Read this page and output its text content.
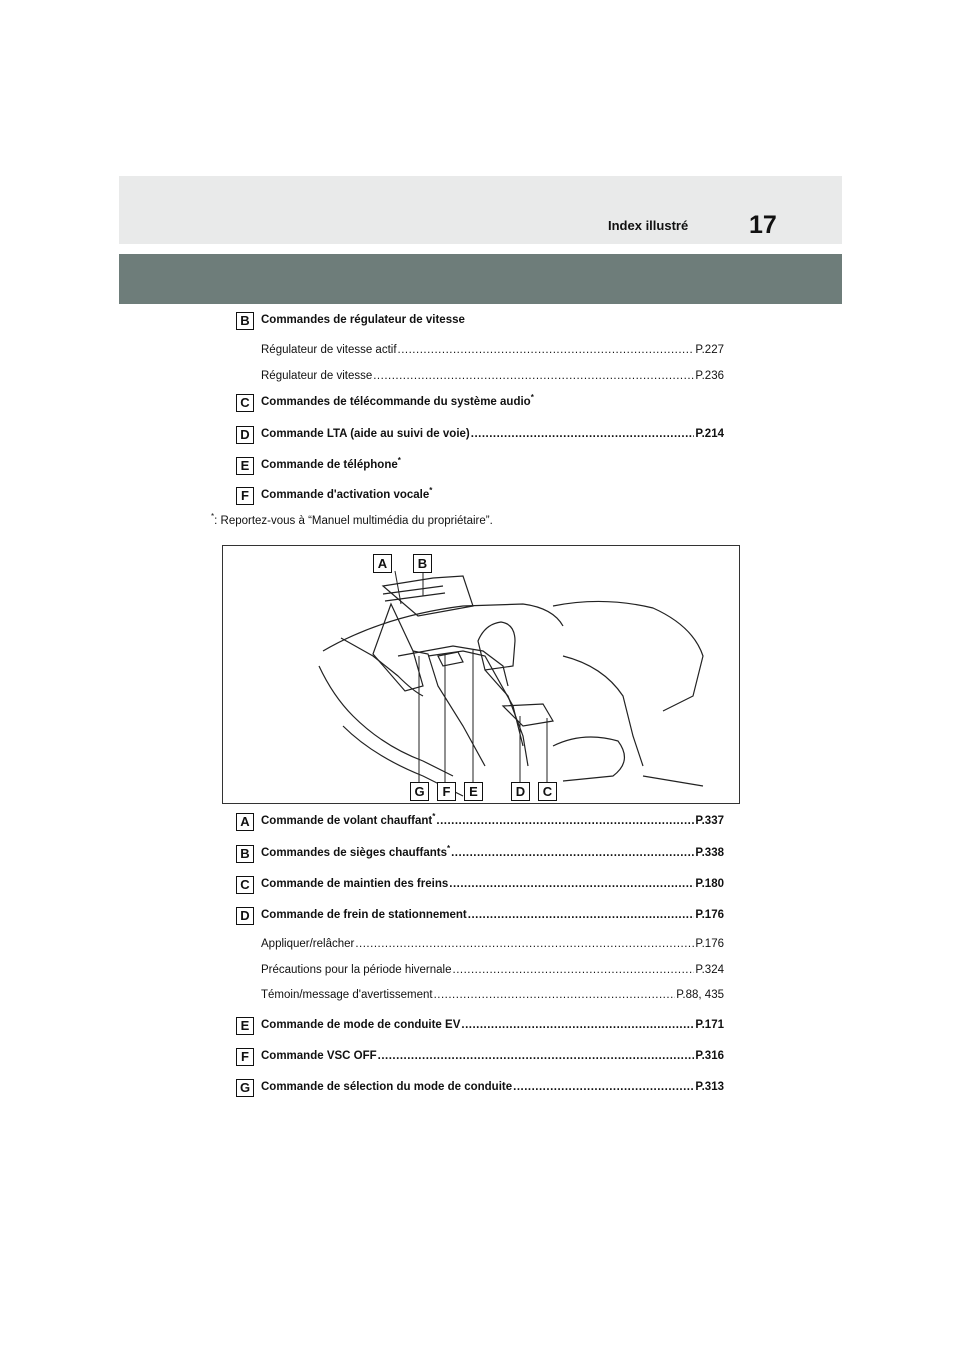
Index illustré 17
B Commandes de régulateur de vitesse
Régulateur de vitesse actif .....	P.227
Régulateur de vitesse .....	P.236
C Commandes de télécommande du système audio*
D Commande LTA (aide au suivi de voie) .....	P.214
E	Commande de téléphone*
F	Commande d'activation vocale*
*: Reportez-vous à “Manuel multimédia du propriétaire”.
A	B
G	F	E	D	C
A Commande de volant chauffant* .....	P.337
B Commandes de sièges chauffants* .....	P.338
C Commande de maintien des freins .....	P.180
D Commande de frein de stationnement .....	P.176
Appliquer/relâcher .....	P.176
Précautions pour la période hivernale .....	P.324
Témoin/message d'avertissement .....	P.88, 435
E	Commande de mode de conduite EV .....	P.171
F	Commande VSC OFF .....	P.316
G Commande de sélection du mode de conduite .....	P.313
